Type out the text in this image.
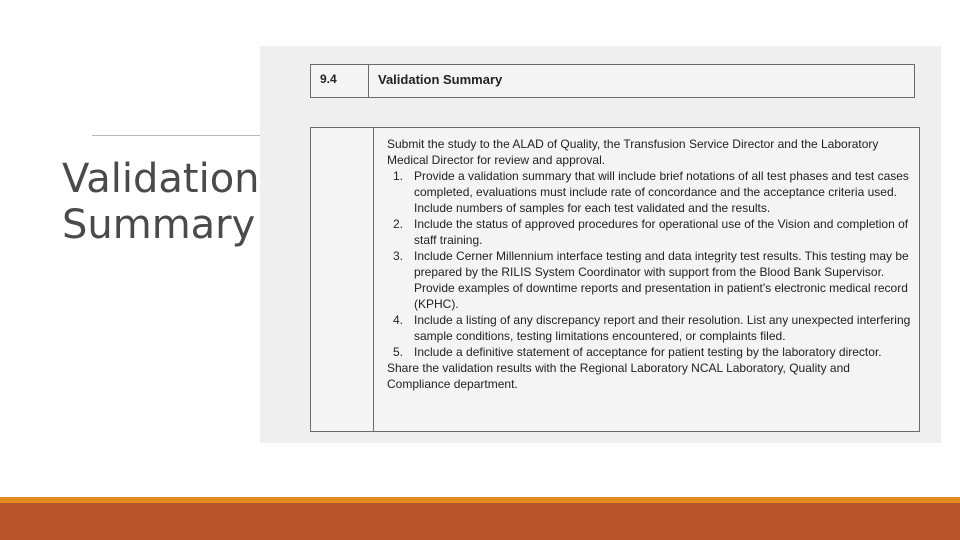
Validation
Summary
9.4	Validation Summary

Submit the study to the ALAD of Quality, the Transfusion Service Director and the Laboratory Medical Director for review and approval.

1. Provide a validation summary that will include brief notations of all test phases and test cases completed, evaluations must include rate of concordance and the acceptance criteria used. Include numbers of samples for each test validated and the results.
2. Include the status of approved procedures for operational use of the Vision and completion of staff training.
3. Include Cerner Millennium interface testing and data integrity test results. This testing may be prepared by the RILIS System Coordinator with support from the Blood Bank Supervisor. Provide examples of downtime reports and presentation in patient's electronic medical record (KPHC).
4. Include a listing of any discrepancy report and their resolution. List any unexpected interfering sample conditions, testing limitations encountered, or complaints filed.
5. Include a definitive statement of acceptance for patient testing by the laboratory director.

Share the validation results with the Regional Laboratory NCAL Laboratory, Quality and Compliance department.
